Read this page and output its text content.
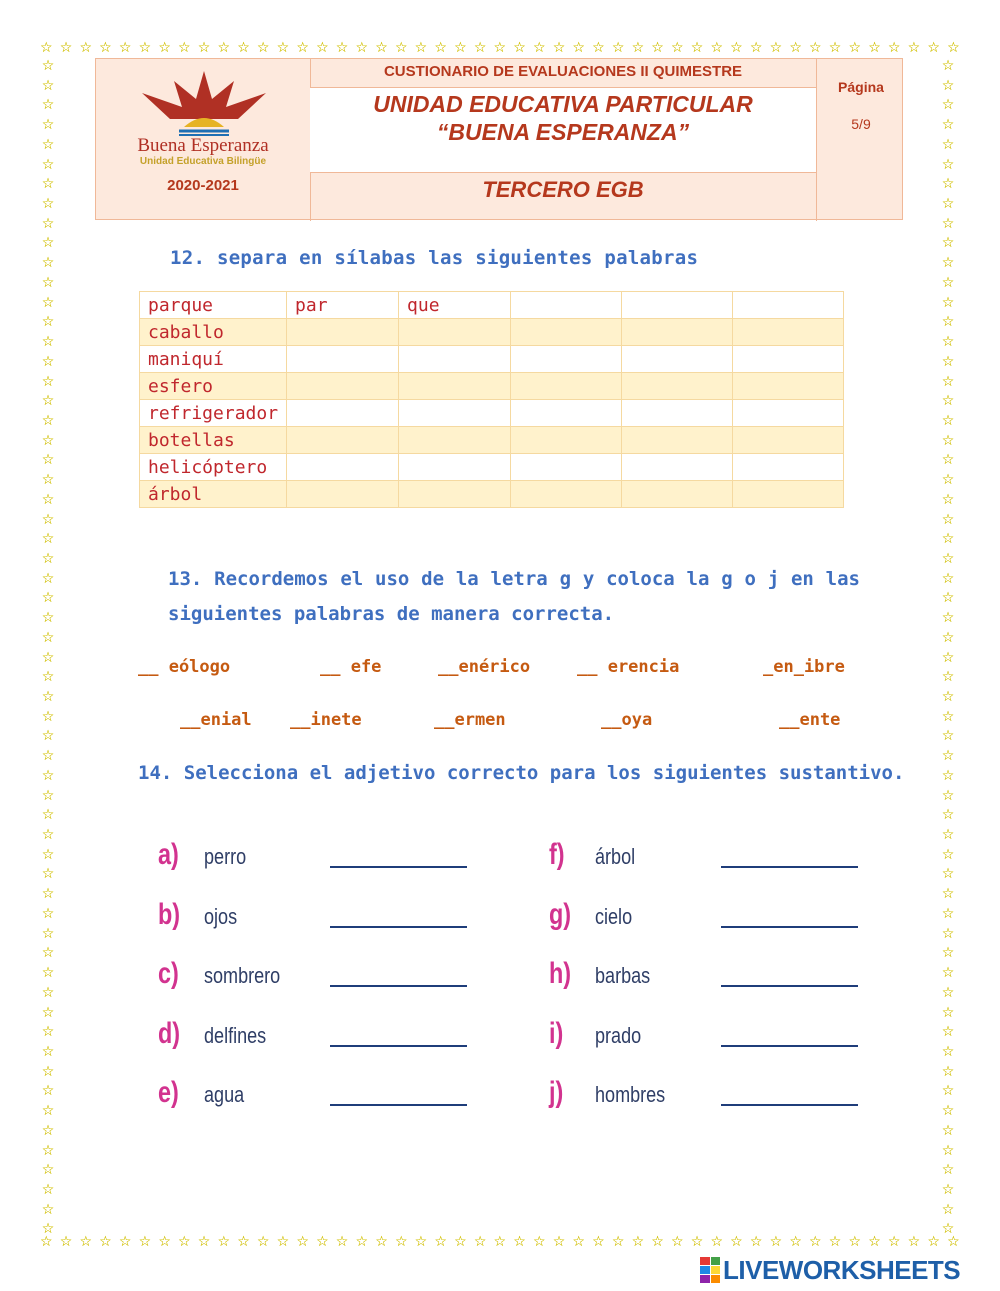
☆ ☆ ☆ ☆ ☆ ☆ ☆ ☆ ☆ ☆ ☆ ☆ ☆ ☆ ☆ ☆ ☆ ☆ ☆ ☆ ☆ ☆ ☆ ☆ ☆ ☆ ☆ ☆ ☆ ☆ ☆ ☆ ☆ ☆ ☆ ☆ ☆ ☆ ☆ ☆ ☆ ☆ ☆ ☆ ☆ ☆ ☆
☆ ☆ ☆ ☆ ☆ ☆ ☆ ☆ ☆ ☆ ☆ ☆ ☆ ☆ ☆ ☆ ☆ ☆ ☆ ☆ ☆ ☆ ☆ ☆ ☆ ☆ ☆ ☆ ☆ ☆ ☆ ☆ ☆ ☆ ☆ ☆ ☆ ☆ ☆ ☆ ☆ ☆ ☆ ☆ ☆ ☆ ☆
☆
☆
☆
☆
☆
☆
☆
☆
☆
☆
☆
☆
☆
☆
☆
☆
☆
☆
☆
☆
☆
☆
☆
☆
☆
☆
☆
☆
☆
☆
☆
☆
☆
☆
☆
☆
☆
☆
☆
☆
☆
☆
☆
☆
☆
☆
☆
☆
☆
☆
☆
☆
☆
☆
☆
☆
☆
☆
☆
☆
☆
☆
☆
☆
☆
☆
☆
☆
☆
☆
☆
☆
☆
☆
☆
☆
☆
☆
☆
☆
☆
☆
☆
☆
☆
☆
☆
☆
☆
☆
☆
☆
☆
☆
☆
☆
☆
☆
☆
☆
☆
☆
☆
☆
☆
☆
☆
☆
☆
☆
☆
☆
☆
☆
☆
☆
☆
☆
☆
☆
Buena Esperanza
Unidad Educativa Bilingüe
2020-2021
CUSTIONARIO DE EVALUACIONES II QUIMESTRE
UNIDAD EDUCATIVA PARTICULAR
“BUENA ESPERANZA”
TERCERO EGB
Página
5/9
12. separa en sílabas las siguientes palabras
parque	par	que			
caballo					
maniquí					
esfero					
refrigerador					
botellas					
helicóptero					
árbol					
13. Recordemos el uso de la letra g y coloca la g o j en las siguientes palabras de manera correcta.
__ eólogo	__ efe	__enérico	__ erencia	_en_ibre
__enial __inete	__ermen	__oya	__ente
14. Selecciona el adjetivo correcto para los siguientes sustantivo.
a) perro
b) ojos
c) sombrero
d) delfines
e) agua
f) árbol
g) cielo
h) barbas
i) prado
j) hombres
LIVEWORKSHEETS
